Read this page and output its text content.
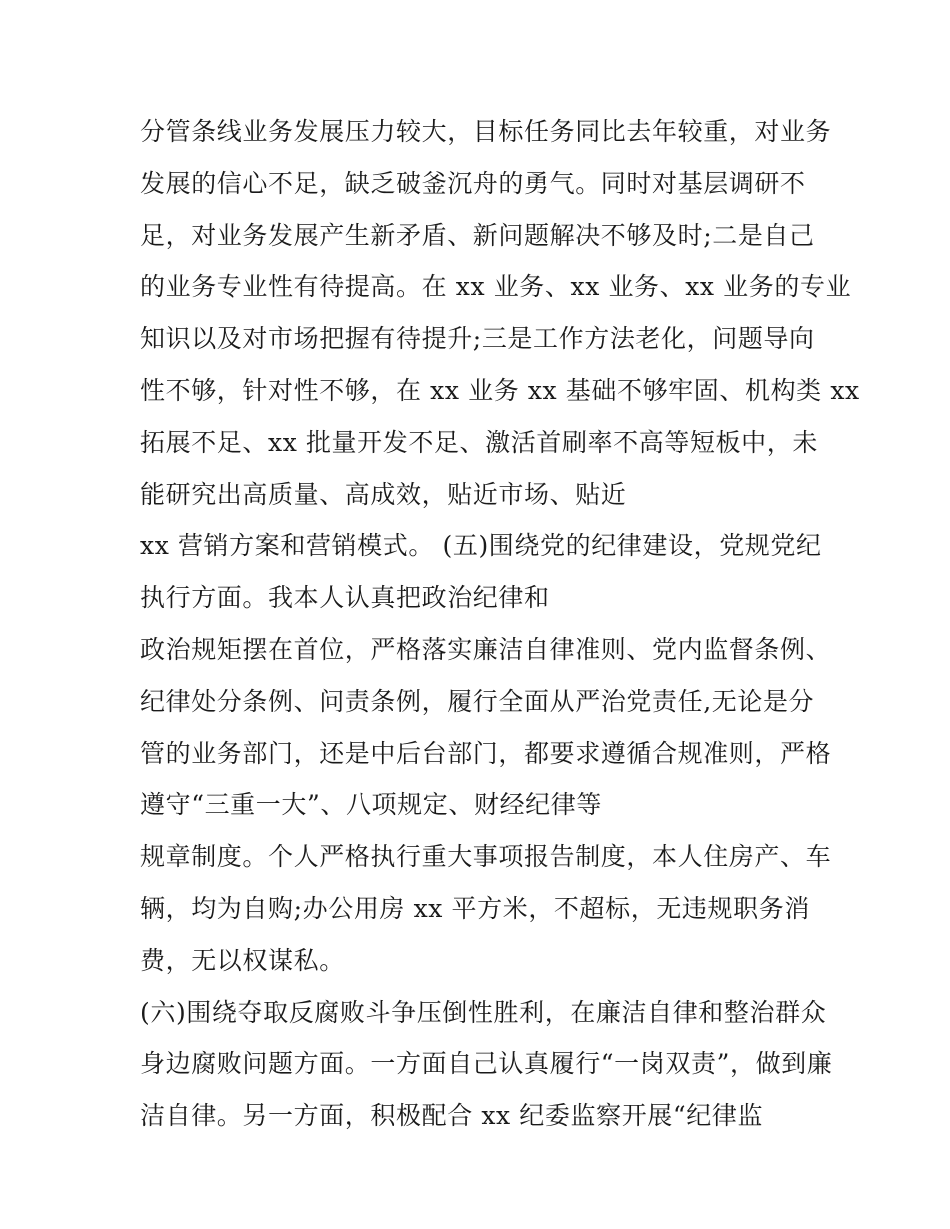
分管条线业务发展压力较大，目标任务同比去年较重，对业务
发展的信心不足，缺乏破釜沉舟的勇气。同时对基层调研不
足，对业务发展产生新矛盾、新问题解决不够及时;二是自己
的业务专业性有待提高。在 xx 业务、xx 业务、xx 业务的专业
知识以及对市场把握有待提升;三是工作方法老化，问题导向
性不够，针对性不够，在 xx 业务 xx 基础不够牢固、机构类 xx
拓展不足、xx 批量开发不足、激活首刷率不高等短板中，未
能研究出高质量、高成效，贴近市场、贴近
xx 营销方案和营销模式。 (五)围绕党的纪律建设，党规党纪
执行方面。我本人认真把政治纪律和
政治规矩摆在首位，严格落实廉洁自律准则、党内监督条例、
纪律处分条例、问责条例，履行全面从严治党责任,无论是分
管的业务部门，还是中后台部门，都要求遵循合规准则，严格
遵守“三重一大”、八项规定、财经纪律等
规章制度。个人严格执行重大事项报告制度，本人住房产、车
辆，均为自购;办公用房 xx 平方米，不超标，无违规职务消
费，无以权谋私。
(六)围绕夺取反腐败斗争压倒性胜利，在廉洁自律和整治群众
身边腐败问题方面。一方面自己认真履行“一岗双责”，做到廉
洁自律。另一方面，积极配合 xx 纪委监察开展“纪律监
